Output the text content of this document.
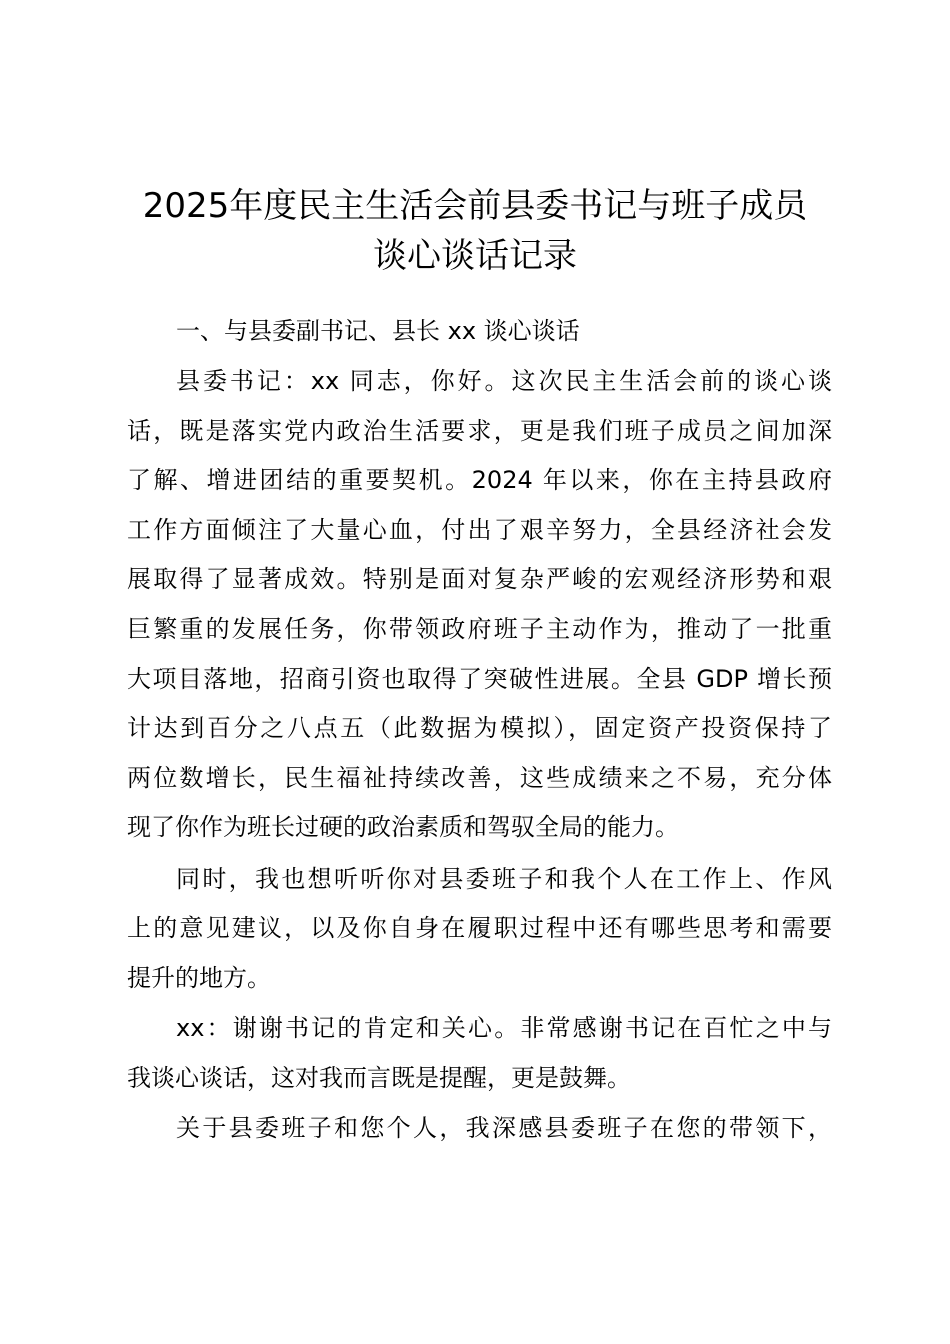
2025年度民主生活会前县委书记与班子成员
谈心谈话记录
一、与县委副书记、县长 xx 谈心谈话
县委书记：xx 同志，你好。这次民主生活会前的谈心谈
话，既是落实党内政治生活要求，更是我们班子成员之间加深
了解、增进团结的重要契机。2024 年以来，你在主持县政府
工作方面倾注了大量心血，付出了艰辛努力，全县经济社会发
展取得了显著成效。特别是面对复杂严峻的宏观经济形势和艰
巨繁重的发展任务，你带领政府班子主动作为，推动了一批重
大项目落地，招商引资也取得了突破性进展。全县 GDP 增长预
计达到百分之八点五（此数据为模拟），固定资产投资保持了
两位数增长，民生福祉持续改善，这些成绩来之不易，充分体
现了你作为班长过硬的政治素质和驾驭全局的能力。
同时，我也想听听你对县委班子和我个人在工作上、作风
上的意见建议，以及你自身在履职过程中还有哪些思考和需要
提升的地方。
xx：谢谢书记的肯定和关心。非常感谢书记在百忙之中与
我谈心谈话，这对我而言既是提醒，更是鼓舞。
关于县委班子和您个人，我深感县委班子在您的带领下，
